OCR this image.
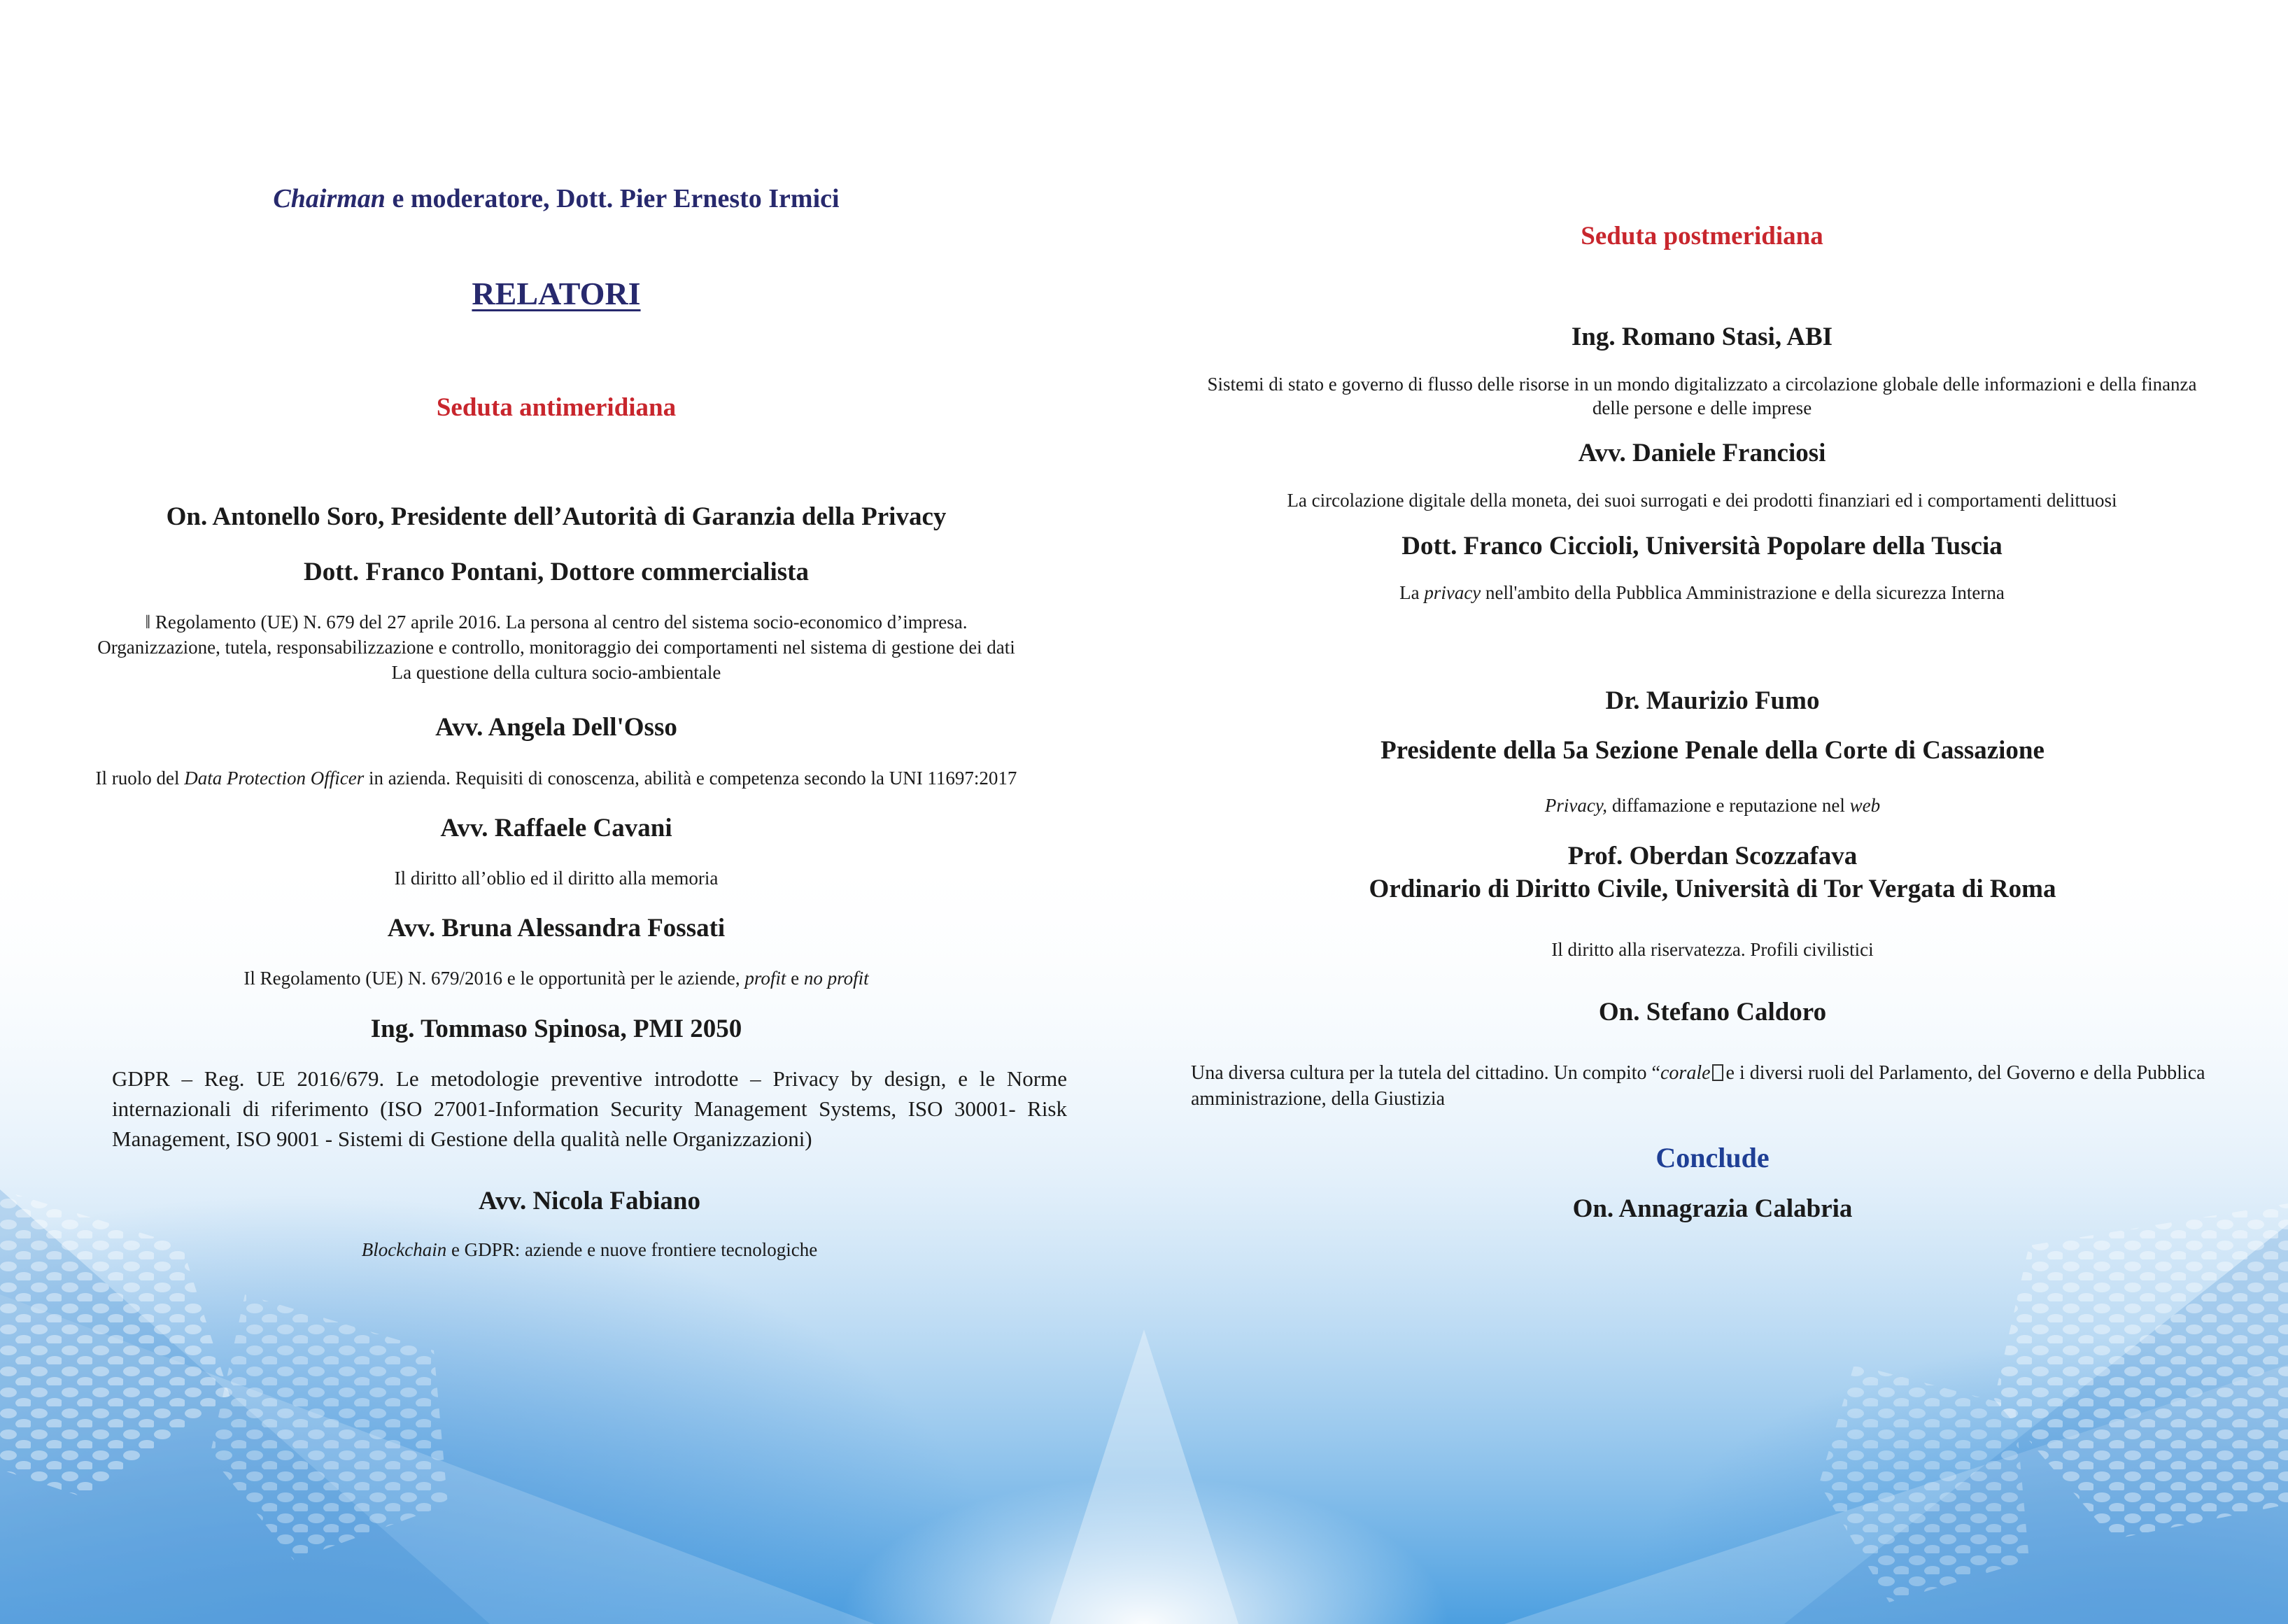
Chairman e moderatore, Dott. Pier Ernesto Irmici
RELATORI
Seduta antimeridiana
On. Antonello Soro, Presidente dell’Autorità di Garanzia della Privacy
Dott. Franco Pontani, Dottore commercialista
ǁ Regolamento (UE) N. 679 del 27 aprile 2016. La persona al centro del sistema socio-economico d’impresa.
Organizzazione, tutela, responsabilizzazione e controllo, monitoraggio dei comportamenti nel sistema di gestione dei dati
La questione della cultura socio-ambientale
Avv. Angela Dell'Osso
Il ruolo del Data Protection Officer in azienda. Requisiti di conoscenza, abilità e competenza secondo la UNI 11697:2017
Avv. Raffaele Cavani
Il diritto all’oblio ed il diritto alla memoria
Avv. Bruna Alessandra Fossati
Il Regolamento (UE) N. 679/2016 e le opportunità per le aziende, profit e no profit
Ing. Tommaso Spinosa, PMI 2050
GDPR – Reg. UE 2016/679. Le metodologie preventive introdotte – Privacy by design, e le Norme internazionali di riferimento (ISO 27001-Information Security Management Systems, ISO 30001- Risk Management, ISO 9001 - Sistemi di Gestione della qualità nelle Organizzazioni)
Avv. Nicola Fabiano
Blockchain e GDPR: aziende e nuove frontiere tecnologiche
Seduta postmeridiana
Ing. Romano Stasi, ABI
Sistemi di stato e governo di flusso delle risorse in un mondo digitalizzato a circolazione globale delle informazioni e della finanza
delle persone e delle imprese
Avv. Daniele Franciosi
La circolazione digitale della moneta, dei suoi surrogati e dei prodotti finanziari ed i comportamenti delittuosi
Dott. Franco Ciccioli, Università Popolare della Tuscia
La privacy nell'ambito della Pubblica Amministrazione e della sicurezza Interna
Dr. Maurizio Fumo
Presidente della 5a Sezione Penale della Corte di Cassazione
Privacy, diffamazione e reputazione nel web
Prof. Oberdan Scozzafava
Ordinario di Diritto Civile, Università di Tor Vergata di Roma
Il diritto alla riservatezza. Profili civilistici
On. Stefano Caldoro
Una diversa cultura per la tutela del cittadino. Un compito “corale e i diversi ruoli del Parlamento, del Governo e della Pubblica amministrazione, della Giustizia
Conclude
On. Annagrazia Calabria
